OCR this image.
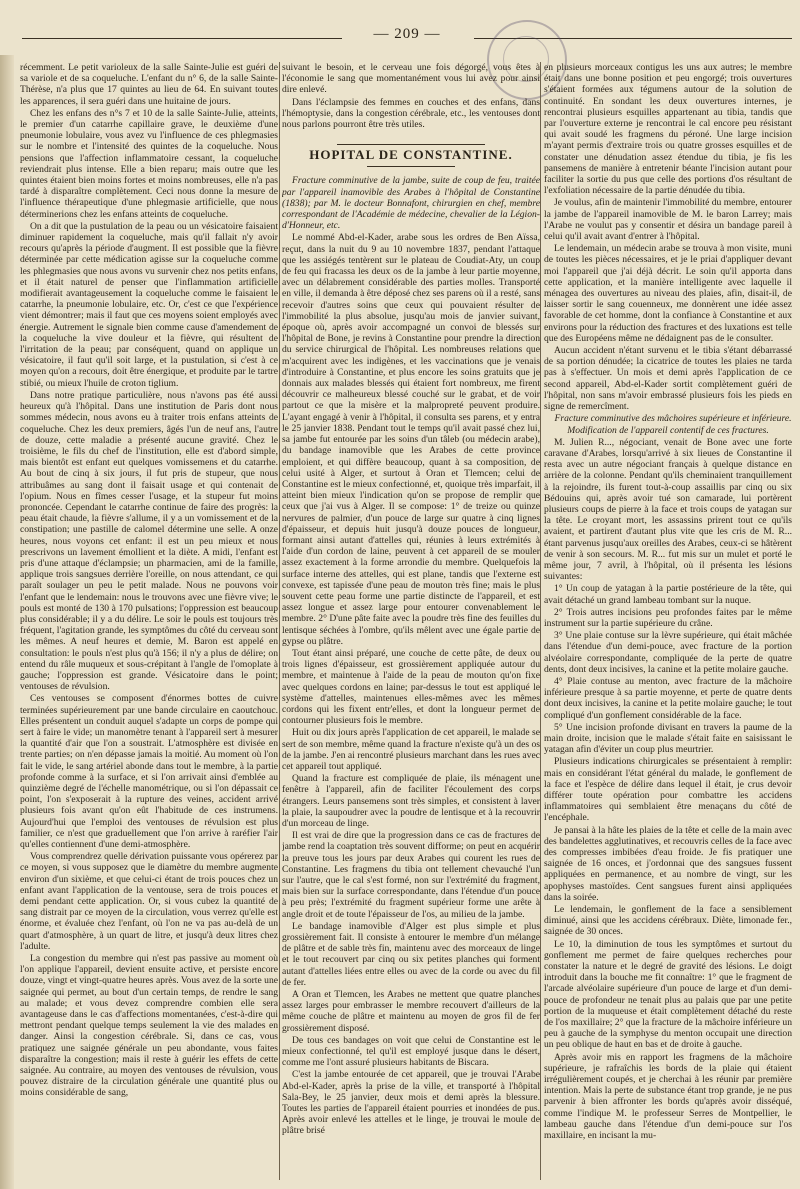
— 209 —

récemment. Le petit varioleux de la salle Sainte-Julie est guéri de sa variole et de sa coqueluche. L'enfant du n° 6, de la salle Sainte-Thérèse, n'a plus que 17 quintes au lieu de 64. En suivant toutes les apparences, il sera guéri dans une huitaine de jours.

Chez les enfans des n°s 7 et 10 de la salle Sainte-Julie, atteints, le premier d'un catarrhe capillaire grave, le deuxième d'une pneumonie lobulaire, vous avez vu l'influence de ces phlegmasies sur le nombre et l'intensité des quintes de la coqueluche. Nous pensions que l'affection inflammatoire cessant, la coqueluche reviendrait plus intense. Elle a bien reparu; mais outre que les quintes étaient bien moins fortes et moins nombreuses, elle n'a pas tardé à disparaître complètement. Ceci nous donne la mesure de l'influence thérapeutique d'une phlegmasie artificielle, que nous déterminerions chez les enfans atteints de coqueluche.

On a dit que la pustulation de la peau ou un vésicatoire faisaient diminuer rapidement la coqueluche, mais qu'il fallait n'y avoir recours qu'après la période d'augment. Il est possible que la fièvre déterminée par cette médication agisse sur la coqueluche comme les phlegmasies que nous avons vu survenir chez nos petits enfans, et il était naturel de penser que l'inflammation artificielle modifierait avantageusement la coqueluche comme le faisaient le catarrhe, la pneumonie lobulaire, etc. Or, c'est ce que l'expérience vient démontrer; mais il faut que ces moyens soient employés avec énergie. Autrement le signale bien comme cause d'amendement de la coqueluche la vive douleur et la fièvre, qui résultent de l'irritation de la peau; par conséquent, quand on applique un vésicatoire, il faut qu'il soit large, et la pustulation, si c'est à ce moyen qu'on a recours, doit être énergique, et produite par le tartre stibié, ou mieux l'huile de croton tiglium.

Dans notre pratique particulière, nous n'avons pas été aussi heureux qu'à l'hôpital. Dans une institution de Paris dont nous sommes médecin, nous avons eu à traiter trois enfans atteints de coqueluche. Chez les deux premiers, âgés l'un de neuf ans, l'autre de douze, cette maladie a présenté aucune gravité. Chez le troisième, le fils du chef de l'institution, elle est d'abord simple, mais bientôt est enfant eut quelques vomissemens et du catarrhe. Au bout de cinq à six jours, il fut pris de stupeur, que nous attribuâmes au sang dont il faisait usage et qui contenait de l'opium. Nous en fîmes cesser l'usage, et la stupeur fut moins prononcée. Cependant le catarrhe continue de faire des progrès: la peau était chaude, la fièvre s'allume, il y a un vomissement et de la constipation; une pastille de calomel détermine une selle. A onze heures, nous voyons cet enfant: il est un peu mieux et nous prescrivons un lavement émollient et la diète. A midi, l'enfant est pris d'une attaque d'éclampsie; un pharmacien, ami de la famille, applique trois sangsues derrière l'oreille, on nous attendant, ce qui paraît soulager un peu le petit malade. Nous ne pouvons voir l'enfant que le lendemain: nous le trouvons avec une fièvre vive; le pouls est monté de 130 à 170 pulsations; l'oppression est beaucoup plus considérable; il y a du délire. Le soir le pouls est toujours très fréquent, l'agitation grande, les symptômes du côté du cerveau sont les mêmes. A neuf heures et demie, M. Baron est appelé en consultation: le pouls n'est plus qu'à 156; il n'y a plus de délire; on entend du râle muqueux et sous-crépitant à l'angle de l'omoplate à gauche; l'oppression est grande. Vésicatoire dans le point; ventouses de révulsion.

Ces ventouses se composent d'énormes bottes de cuivre terminées supérieurement par une bande circulaire en caoutchouc. Elles présentent un conduit auquel s'adapte un corps de pompe qui sert à faire le vide; un manomètre tenant à l'appareil sert à mesurer la quantité d'air que l'on a soustrait. L'atmosphère est divisée en trente parties; on n'en dépasse jamais la moitié. Au moment où l'on fait le vide, le sang artériel abonde dans tout le membre, à la partie profonde comme à la surface, et si l'on arrivait ainsi d'emblée au quinzième degré de l'échelle manométrique, ou si l'on dépassait ce point, l'on s'exposerait à la rupture des veines, accident arrivé plusieurs fois avant qu'on eût l'habitude de ces instrumens. Aujourd'hui que l'emploi des ventouses de révulsion est plus familier, ce n'est que graduellement que l'on arrive à raréfier l'air qu'elles contiennent d'une demi-atmosphère.

Vous comprendrez quelle dérivation puissante vous opérerez par ce moyen, si vous supposez que le diamètre du membre augmente environ d'un sixième, et que celui-ci étant de trois pouces chez un enfant avant l'application de la ventouse, sera de trois pouces et demi pendant cette application. Or, si vous cubez la quantité de sang distrait par ce moyen de la circulation, vous verrez qu'elle est énorme, et évaluée chez l'enfant, où l'on ne va pas au-delà de un quart d'atmosphère, à un quart de litre, et jusqu'à deux litres chez l'adulte.

La congestion du membre qui n'est pas passive au moment où l'on applique l'appareil, devient ensuite active, et persiste encore douze, vingt et vingt-quatre heures après. Vous avez de la sorte une saignée qui permet, au bout d'un certain temps, de rendre le sang au malade; et vous devez comprendre combien elle sera avantageuse dans le cas d'affections momentanées, c'est-à-dire qui mettront pendant quelque temps seulement la vie des malades en danger. Ainsi la congestion cérébrale. Si, dans ce cas, vous pratiquez une saignée générale un peu abondante, vous faites disparaître la congestion; mais il reste à guérir les effets de cette saignée. Au contraire, au moyen des ventouses de révulsion, vous pouvez distraire de la circulation générale une quantité plus ou moins considérable de sang,

suivant le besoin, et le cerveau une fois dégorgé, vous êtes à l'économie le sang que momentanément vous lui avez pour ainsi dire enlevé.

Dans l'éclampsie des femmes en couches et des enfans, dans l'hémoptysie, dans la congestion cérébrale, etc., les ventouses dont nous parlons pourront être très utiles.

HOPITAL DE CONSTANTINE.

Fracture comminutive de la jambe, suite de coup de feu, traitée par l'appareil inamovible des Arabes à l'hôpital de Constantine (1838); par M. le docteur Bonnafont, chirurgien en chef, membre correspondant de l'Académie de médecine, chevalier de la Légion-d'Honneur, etc.

Le nommé Abd-el-Kader, arabe sous les ordres de Ben Aïssa, reçut, dans la nuit du 9 au 10 novembre 1837, pendant l'attaque que les assiégés tentèrent sur le plateau de Coudiat-Aty, un coup de feu qui fracassa les deux os de la jambe à leur partie moyenne, avec un délabrement considérable des parties molles. Transporté en ville, il demanda à être déposé chez ses parens où il a resté, sans recevoir d'autres soins que ceux qui pouvaient résulter de l'immobilité la plus absolue, jusqu'au mois de janvier suivant, époque où, après avoir accompagné un convoi de blessés sur l'hôpital de Bone, je revins à Constantine pour prendre la direction du service chirurgical de l'hôpital. Les nombreuses relations que m'acquirent avec les indigènes, et les vaccinations que je venais d'introduire à Constantine, et plus encore les soins gratuits que je donnais aux malades blessés qui étaient fort nombreux, me firent découvrir ce malheureux blessé couché sur le grabat, et de voir partout ce que la misère et la malpropreté peuvent produire. L'ayant engagé à venir à l'hôpital, il consulta ses parens, et y entra le 25 janvier 1838. Pendant tout le temps qu'il avait passé chez lui, sa jambe fut entourée par les soins d'un tâleb (ou médecin arabe), du bandage inamovible que les Arabes de cette province emploient, et qui diffère beaucoup, quant à sa composition, de celui usité à Alger, et surtout à Oran et Tlemcen; celui de Constantine est le mieux confectionné, et, quoique très imparfait, il atteint bien mieux l'indication qu'on se propose de remplir que ceux que j'ai vus à Alger. Il se compose: 1° de treize ou quinze nervures de palmier, d'un pouce de large sur quatre à cinq lignes d'épaisseur, et depuis huit jusqu'à douze pouces de longueur, formant ainsi autant d'attelles qui, réunies à leurs extrémités à l'aide d'un cordon de laine, peuvent à cet appareil de se mouler assez exactement à la forme arrondie du membre. Quelquefois la surface interne des attelles, qui est plane, tandis que l'externe est convexe, est tapissée d'une peau de mouton très fine; mais le plus souvent cette peau forme une partie distincte de l'appareil, et est assez longue et assez large pour entourer convenablement le membre. 2° D'une pâte faite avec la poudre très fine des feuilles du lentisque séchées à l'ombre, qu'ils mêlent avec une égale partie de gypse ou plâtre.

Tout étant ainsi préparé, une couche de cette pâte, de deux ou trois lignes d'épaisseur, est grossièrement appliquée autour du membre, et maintenue à l'aide de la peau de mouton qu'on fixe avec quelques cordons en laine; par-dessus le tout est appliqué le système d'attelles, maintenues elles-mêmes avec les mêmes cordons qui les fixent entr'elles, et dont la longueur permet de contourner plusieurs fois le membre.

Huit ou dix jours après l'application de cet appareil, le malade se sert de son membre, même quand la fracture n'existe qu'à un des os de la jambe. J'en ai rencontré plusieurs marchant dans les rues avec cet appareil tout appliqué.

Quand la fracture est compliquée de plaie, ils ménagent une fenêtre à l'appareil, afin de faciliter l'écoulement des corps étrangers. Leurs pansemens sont très simples, et consistent à laver la plaie, la saupoudrer avec la poudre de lentisque et à la recouvrir d'un morceau de linge.

Il est vrai de dire que la progression dans ce cas de fractures de jambe rend la coaptation très souvent difforme; on peut en acquérir la preuve tous les jours par deux Arabes qui courent les rues de Constantine. Les fragmens du tibia ont tellement chevauché l'un sur l'autre, que le cal s'est formé, non sur l'extrémité du fragment, mais bien sur la surface correspondante, dans l'étendue d'un pouce à peu près; l'extrémité du fragment supérieur forme une arête à angle droit et de toute l'épaisseur de l'os, au milieu de la jambe.

Le bandage inamovible d'Alger est plus simple et plus grossièrement fait. Il consiste à entourer le membre d'un mélange de plâtre et de sable très fin, maintenu avec des morceaux de linge et le tout recouvert par cinq ou six petites planches qui forment autant d'attelles liées entre elles ou avec de la corde ou avec du fil de fer.

A Oran et Tlemcen, les Arabes ne mettent que quatre planches assez larges pour embrasser le membre recouvert d'ailleurs de la même couche de plâtre et maintenu au moyen de gros fil de fer grossièrement disposé.

De tous ces bandages on voit que celui de Constantine est le mieux confectionné, tel qu'il est employé jusque dans le désert, comme me l'ont assuré plusieurs habitants de Biscara.

C'est la jambe entourée de cet appareil, que je trouvai l'Arabe Abd-el-Kader, après la prise de la ville, et transporté à l'hôpital Sala-Bey, le 25 janvier, deux mois et demi après la blessure. Toutes les parties de l'appareil étaient pourries et inondées de pus. Après avoir enlevé les attelles et le linge, je trouvai le moule de plâtre brisé

en plusieurs morceaux contigus les uns aux autres; le membre était dans une bonne position et peu engorgé; trois ouvertures s'étaient formées aux tégumens autour de la solution de continuité. En sondant les deux ouvertures internes, je rencontrai plusieurs esquilles appartenant au tibia, tandis que par l'ouverture externe je rencontrai le cal encore peu résistant qui avait soudé les fragmens du péroné. Une large incision m'ayant permis d'extraire trois ou quatre grosses esquilles et de constater une dénudation assez étendue du tibia, je fis les pansemens de manière à entretenir béante l'incision autant pour faciliter la sortie du pus que celle des portions d'os résultant de l'exfoliation nécessaire de la partie dénudée du tibia.

Je voulus, afin de maintenir l'immobilité du membre, entourer la jambe de l'appareil inamovible de M. le baron Larrey; mais l'Arabe ne voulut pas y consentir et désira un bandage pareil à celui qu'il avait avant d'entrer à l'hôpital.

Le lendemain, un médecin arabe se trouva à mon visite, muni de toutes les pièces nécessaires, et je le priai d'appliquer devant moi l'appareil que j'ai déjà décrit. Le soin qu'il apporta dans cette application, et la manière intelligente avec laquelle il ménagea des ouvertures au niveau des plaies, afin, disait-il, de laisser sortir le sang couenneux, me donnèrent une idée assez favorable de cet homme, dont la confiance à Constantine et aux environs pour la réduction des fractures et des luxations est telle que des Européens même ne dédaignent pas de le consulter.

Aucun accident n'étant survenu et le tibia s'étant débarrassé de sa portion dénudée; la cicatrice de toutes les plaies ne tarda pas à s'effectuer. Un mois et demi après l'application de ce second appareil, Abd-el-Kader sortit complètement guéri de l'hôpital, non sans m'avoir embrassé plusieurs fois les pieds en signe de remercîment.

Fracture comminutive des mâchoires supérieure et inférieure. Modification de l'appareil contentif de ces fractures.

M. Julien R..., négociant, venait de Bone avec une forte caravane d'Arabes, lorsqu'arrivé à six lieues de Constantine il resta avec un autre négociant français à quelque distance en arrière de la colonne. Pendant qu'ils cheminaient tranquillement à la rejoindre, ils furent tout-à-coup assaillis par cinq ou six Bédouins qui, après avoir tué son camarade, lui portèrent plusieurs coups de pierre à la face et trois coups de yatagan sur la tête. Le croyant mort, les assassins prirent tout ce qu'ils avaient, et partirent d'autant plus vite que les cris de M. R... étant parvenus jusqu'aux oreilles des Arabes, ceux-ci se hâtèrent de venir à son secours. M. R... fut mis sur un mulet et porté le même jour, 7 avril, à l'hôpital, où il présenta les lésions suivantes:

1° Un coup de yatagan à la partie postérieure de la tête, qui avait détaché un grand lambeau tombant sur la nuque.

2° Trois autres incisions peu profondes faites par le même instrument sur la partie supérieure du crâne.

3° Une plaie contuse sur la lèvre supérieure, qui était mâchée dans l'étendue d'un demi-pouce, avec fracture de la portion alvéolaire correspondante, compliquée de la perte de quatre dents, dont deux incisives, la canine et la petite molaire gauche.

4° Plaie contuse au menton, avec fracture de la mâchoire inférieure presque à sa partie moyenne, et perte de quatre dents dont deux incisives, la canine et la petite molaire gauche; le tout compliqué d'un gonflement considérable de la face.

5° Une incision profonde divisant en travers la paume de la main droite, incision que le malade s'était faite en saisissant le yatagan afin d'éviter un coup plus meurtrier.

Plusieurs indications chirurgicales se présentaient à remplir: mais en considérant l'état général du malade, le gonflement de la face et l'espèce de délire dans lequel il était, je crus devoir différer toute opération pour combattre les accidens inflammatoires qui semblaient être menaçans du côté de l'encéphale.

Je pansai à la hâte les plaies de la tête et celle de la main avec des bandelettes agglutinatives, et recouvris celles de la face avec des compresses imbibées d'eau froide. Je fis pratiquer une saignée de 16 onces, et j'ordonnai que des sangsues fussent appliquées en permanence, et au nombre de vingt, sur les apophyses mastoïdes. Cent sangsues furent ainsi appliquées dans la soirée.

Le lendemain, le gonflement de la face a sensiblement diminué, ainsi que les accidens cérébraux. Diète, limonade fer., saignée de 30 onces.

Le 10, la diminution de tous les symptômes et surtout du gonflement me permet de faire quelques recherches pour constater la nature et le degré de gravité des lésions. Le doigt introduit dans la bouche me fit connaître: 1° que le fragment de l'arcade alvéolaire supérieure d'un pouce de large et d'un demi-pouce de profondeur ne tenait plus au palais que par une petite portion de la muqueuse et était complètement détaché du reste de l'os maxillaire; 2° que la fracture de la mâchoire inférieure un peu à gauche de la symphyse du menton occupait une direction un peu oblique de haut en bas et de droite à gauche.

Après avoir mis en rapport les fragmens de la mâchoire supérieure, je rafraîchis les bords de la plaie qui étaient irrégulièrement coupés, et je cherchai à les réunir par première intention. Mais la perte de substance étant trop grande, je ne pus parvenir à bien affronter les bords qu'après avoir disséqué, comme l'indique M. le professeur Serres de Montpellier, le lambeau gauche dans l'étendue d'un demi-pouce sur l'os maxillaire, en incisant la mu-
